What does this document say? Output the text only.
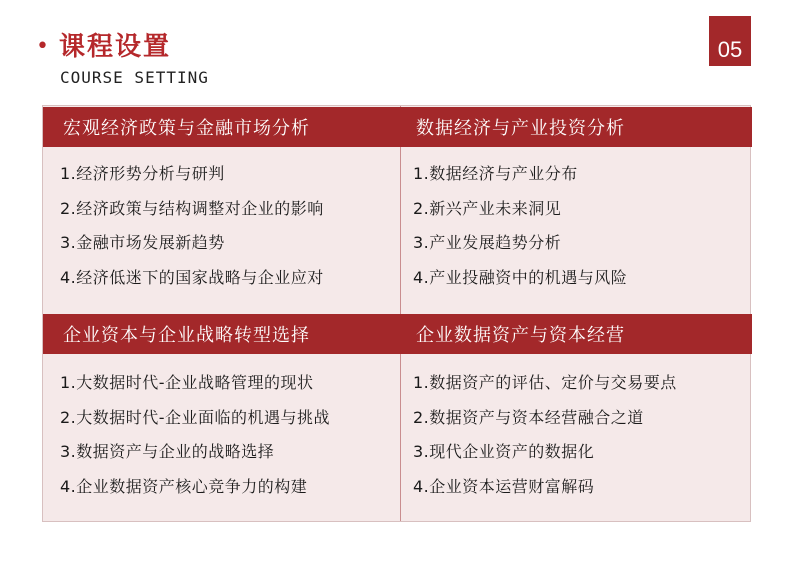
• 课程设置
COURSE SETTING
05
宏观经济政策与金融市场分析	数据经济与产业投资分析
1.经济形势分析与研判
2.经济政策与结构调整对企业的影响
3.金融市场发展新趋势
4.经济低迷下的国家战略与企业应对
1.数据经济与产业分布
2.新兴产业未来洞见
3.产业发展趋势分析
4.产业投融资中的机遇与风险
企业资本与企业战略转型选择	企业数据资产与资本经营
1.大数据时代-企业战略管理的现状
2.大数据时代-企业面临的机遇与挑战
3.数据资产与企业的战略选择
4.企业数据资产核心竞争力的构建
1.数据资产的评估、定价与交易要点
2.数据资产与资本经营融合之道
3.现代企业资产的数据化
4.企业资本运营财富解码
